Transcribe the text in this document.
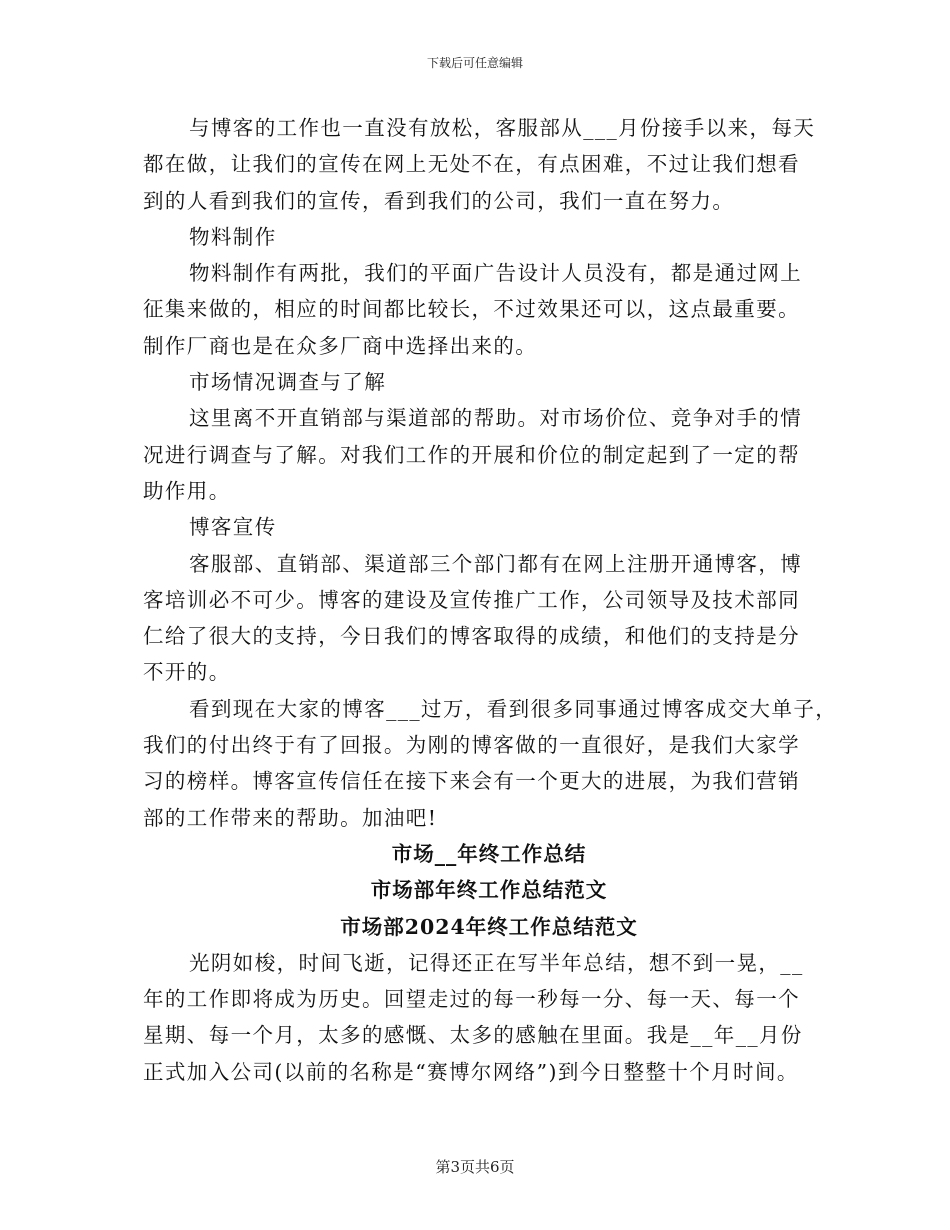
下载后可任意编辑
与博客的工作也一直没有放松，客服部从___月份接手以来，每天
都在做，让我们的宣传在网上无处不在，有点困难，不过让我们想看
到的人看到我们的宣传，看到我们的公司，我们一直在努力。
物料制作
物料制作有两批，我们的平面广告设计人员没有，都是通过网上
征集来做的，相应的时间都比较长，不过效果还可以，这点最重要。
制作厂商也是在众多厂商中选择出来的。
市场情况调查与了解
这里离不开直销部与渠道部的帮助。对市场价位、竞争对手的情
况进行调查与了解。对我们工作的开展和价位的制定起到了一定的帮
助作用。
博客宣传
客服部、直销部、渠道部三个部门都有在网上注册开通博客，博
客培训必不可少。博客的建设及宣传推广工作，公司领导及技术部同
仁给了很大的支持，今日我们的博客取得的成绩，和他们的支持是分
不开的。
看到现在大家的博客___过万，看到很多同事通过博客成交大单子，
我们的付出终于有了回报。为刚的博客做的一直很好，是我们大家学
习的榜样。博客宣传信任在接下来会有一个更大的进展，为我们营销
部的工作带来的帮助。加油吧!
市场__年终工作总结
市场部年终工作总结范文
市场部2024年终工作总结范文
光阴如梭，时间飞逝，记得还正在写半年总结，想不到一晃，__
年的工作即将成为历史。回望走过的每一秒每一分、每一天、每一个
星期、每一个月，太多的感慨、太多的感触在里面。我是__年__月份
正式加入公司(以前的名称是“赛博尔网络”)到今日整整十个月时间。
第3页共6页
